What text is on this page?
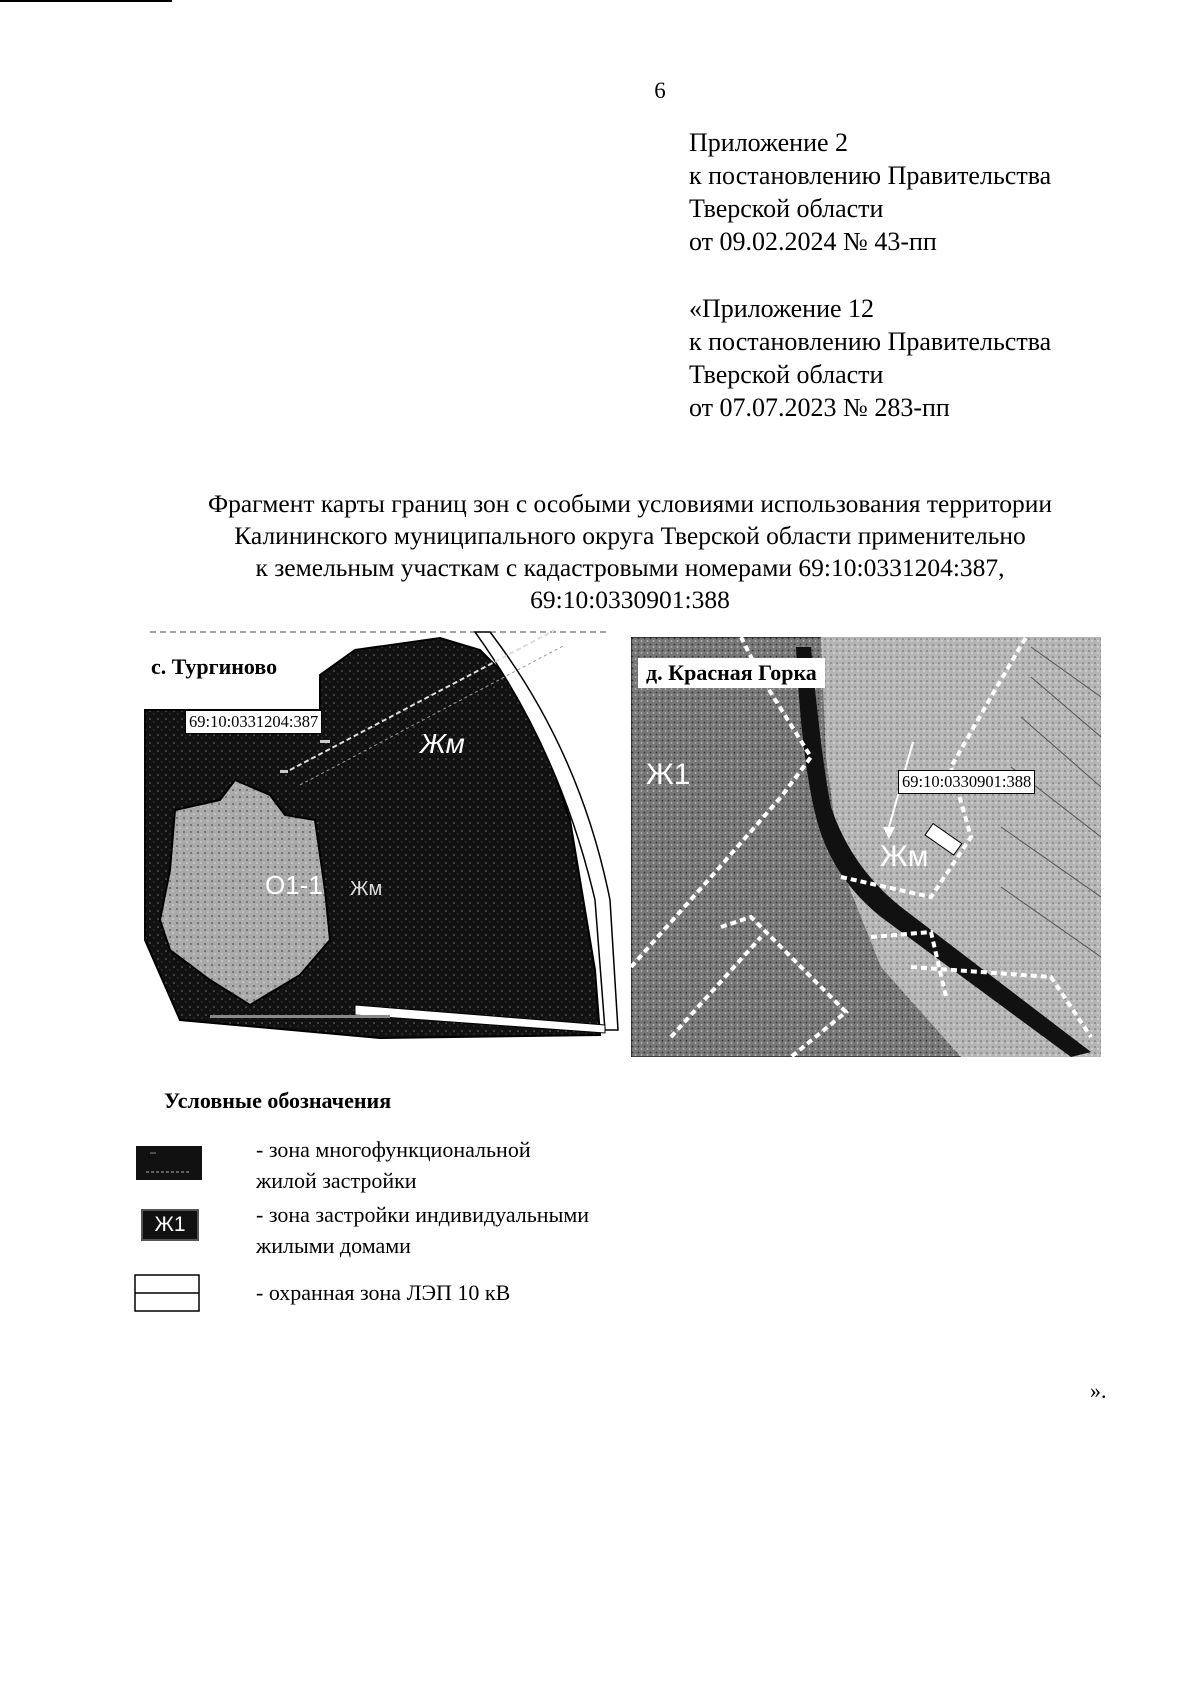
6
Приложение 2
к постановлению Правительства
Тверской области
от 09.02.2024 № 43-пп
«Приложение 12
к постановлению Правительства
Тверской области
от 07.07.2023 № 283-пп
Фрагмент карты границ зон с особыми условиями использования территории
Калининского муниципального округа Тверской области применительно
к земельным участкам с кадастровыми номерами 69:10:0331204:387,
69:10:0330901:388
с. Тургиново
69:10:0331204:387
Жм
О1-1 Жм
д. Красная Горка
69:10:0330901:388
Ж1
Жм
Условные обозначения
- зона многофункциональной
жилой застройки
Ж1	- зона застройки индивидуальными
жилыми домами
- охранная зона ЛЭП 10 кВ
».
